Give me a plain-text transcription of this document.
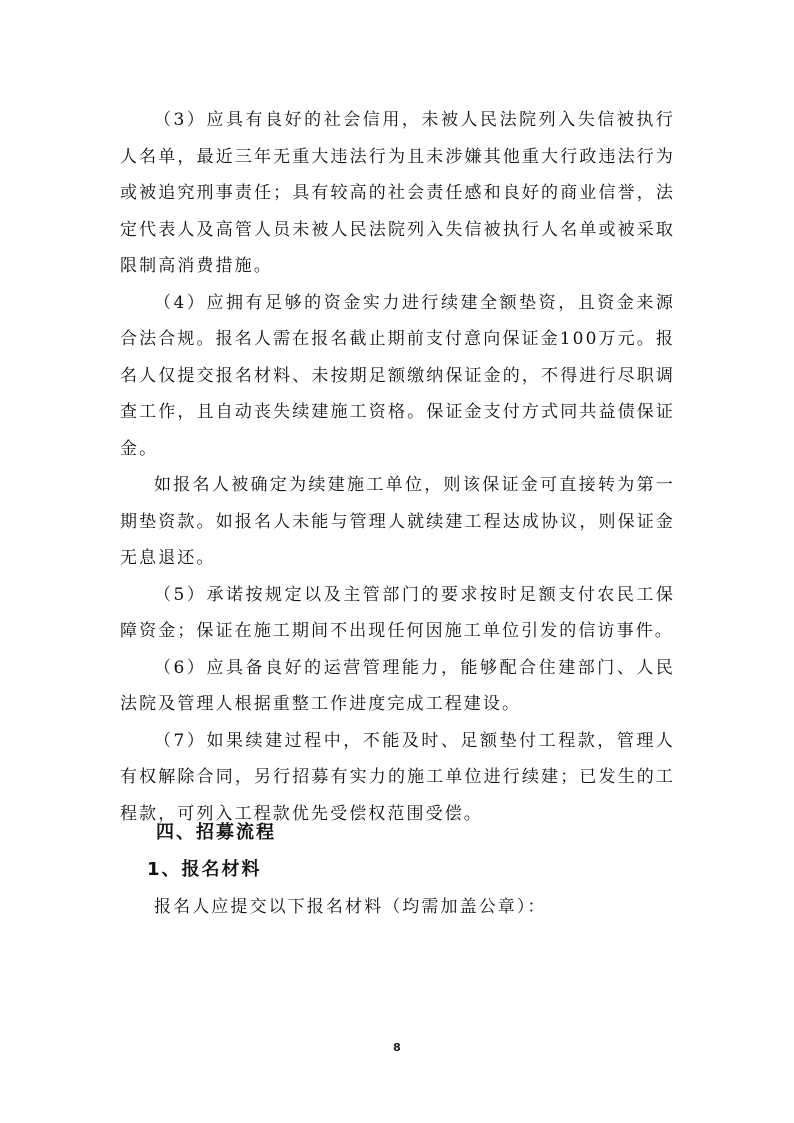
（3）应具有良好的社会信用，未被人民法院列入失信被执行人名单，最近三年无重大违法行为且未涉嫌其他重大行政违法行为或被追究刑事责任；具有较高的社会责任感和良好的商业信誉，法定代表人及高管人员未被人民法院列入失信被执行人名单或被采取限制高消费措施。

（4）应拥有足够的资金实力进行续建全额垫资，且资金来源合法合规。报名人需在报名截止期前支付意向保证金100万元。报名人仅提交报名材料、未按期足额缴纳保证金的，不得进行尽职调查工作，且自动丧失续建施工资格。保证金支付方式同共益债保证金。

如报名人被确定为续建施工单位，则该保证金可直接转为第一期垫资款。如报名人未能与管理人就续建工程达成协议，则保证金无息退还。

（5）承诺按规定以及主管部门的要求按时足额支付农民工保障资金；保证在施工期间不出现任何因施工单位引发的信访事件。

（6）应具备良好的运营管理能力，能够配合住建部门、人民法院及管理人根据重整工作进度完成工程建设。

（7）如果续建过程中，不能及时、足额垫付工程款，管理人有权解除合同，另行招募有实力的施工单位进行续建；已发生的工程款，可列入工程款优先受偿权范围受偿。

四、招募流程
1、报名材料

报名人应提交以下报名材料（均需加盖公章）：

8
